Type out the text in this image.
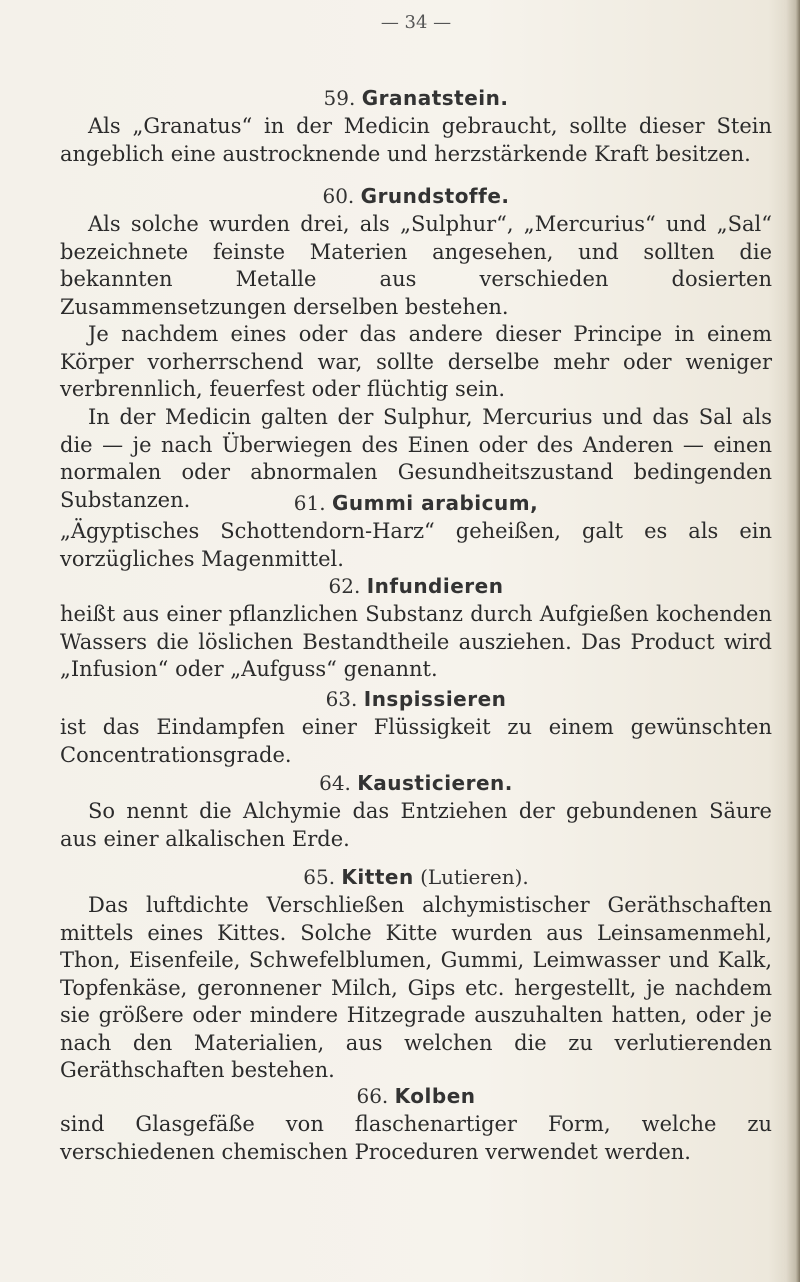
— 34 —
59. Granatstein.
Als „Granatus“ in der Medicin gebraucht, sollte dieser Stein angeblich eine austrocknende und herzstärkende Kraft besitzen.
60. Grundstoffe.
Als solche wurden drei, als „Sulphur“, „Mercurius“ und „Sal“ bezeichnete feinste Materien angesehen, und sollten die bekannten Metalle aus verschieden dosierten Zusammensetzungen derselben bestehen.
Je nachdem eines oder das andere dieser Principe in einem Körper vorherrschend war, sollte derselbe mehr oder weniger verbrennlich, feuerfest oder flüchtig sein.
In der Medicin galten der Sulphur, Mercurius und das Sal als die — je nach Überwiegen des Einen oder des Anderen — einen normalen oder abnormalen Gesundheitszustand bedingenden Substanzen.	61. Gummi arabicum,
„Ägyptisches Schottendorn-Harz“ geheißen, galt es als ein vorzügliches Magenmittel.
62. Infundieren
heißt aus einer pflanzlichen Substanz durch Aufgießen kochenden Wassers die löslichen Bestandtheile ausziehen. Das Product wird „Infusion“ oder „Aufguss“ genannt.
63. Inspissieren
ist das Eindampfen einer Flüssigkeit zu einem gewünschten Concentrationsgrade.
64. Kausticieren.
So nennt die Alchymie das Entziehen der gebundenen Säure aus einer alkalischen Erde.
65. Kitten (Lutieren).
Das luftdichte Verschließen alchymistischer Geräthschaften mittels eines Kittes. Solche Kitte wurden aus Leinsamenmehl, Thon, Eisenfeile, Schwefelblumen, Gummi, Leimwasser und Kalk, Topfenkäse, geronnener Milch, Gips etc. hergestellt, je nachdem sie größere oder mindere Hitzegrade auszuhalten hatten, oder je nach den Materialien, aus welchen die zu verlutierenden Geräthschaften bestehen.
66. Kolben
sind Glasgefäße von flaschenartiger Form, welche zu verschiedenen chemischen Proceduren verwendet werden.
